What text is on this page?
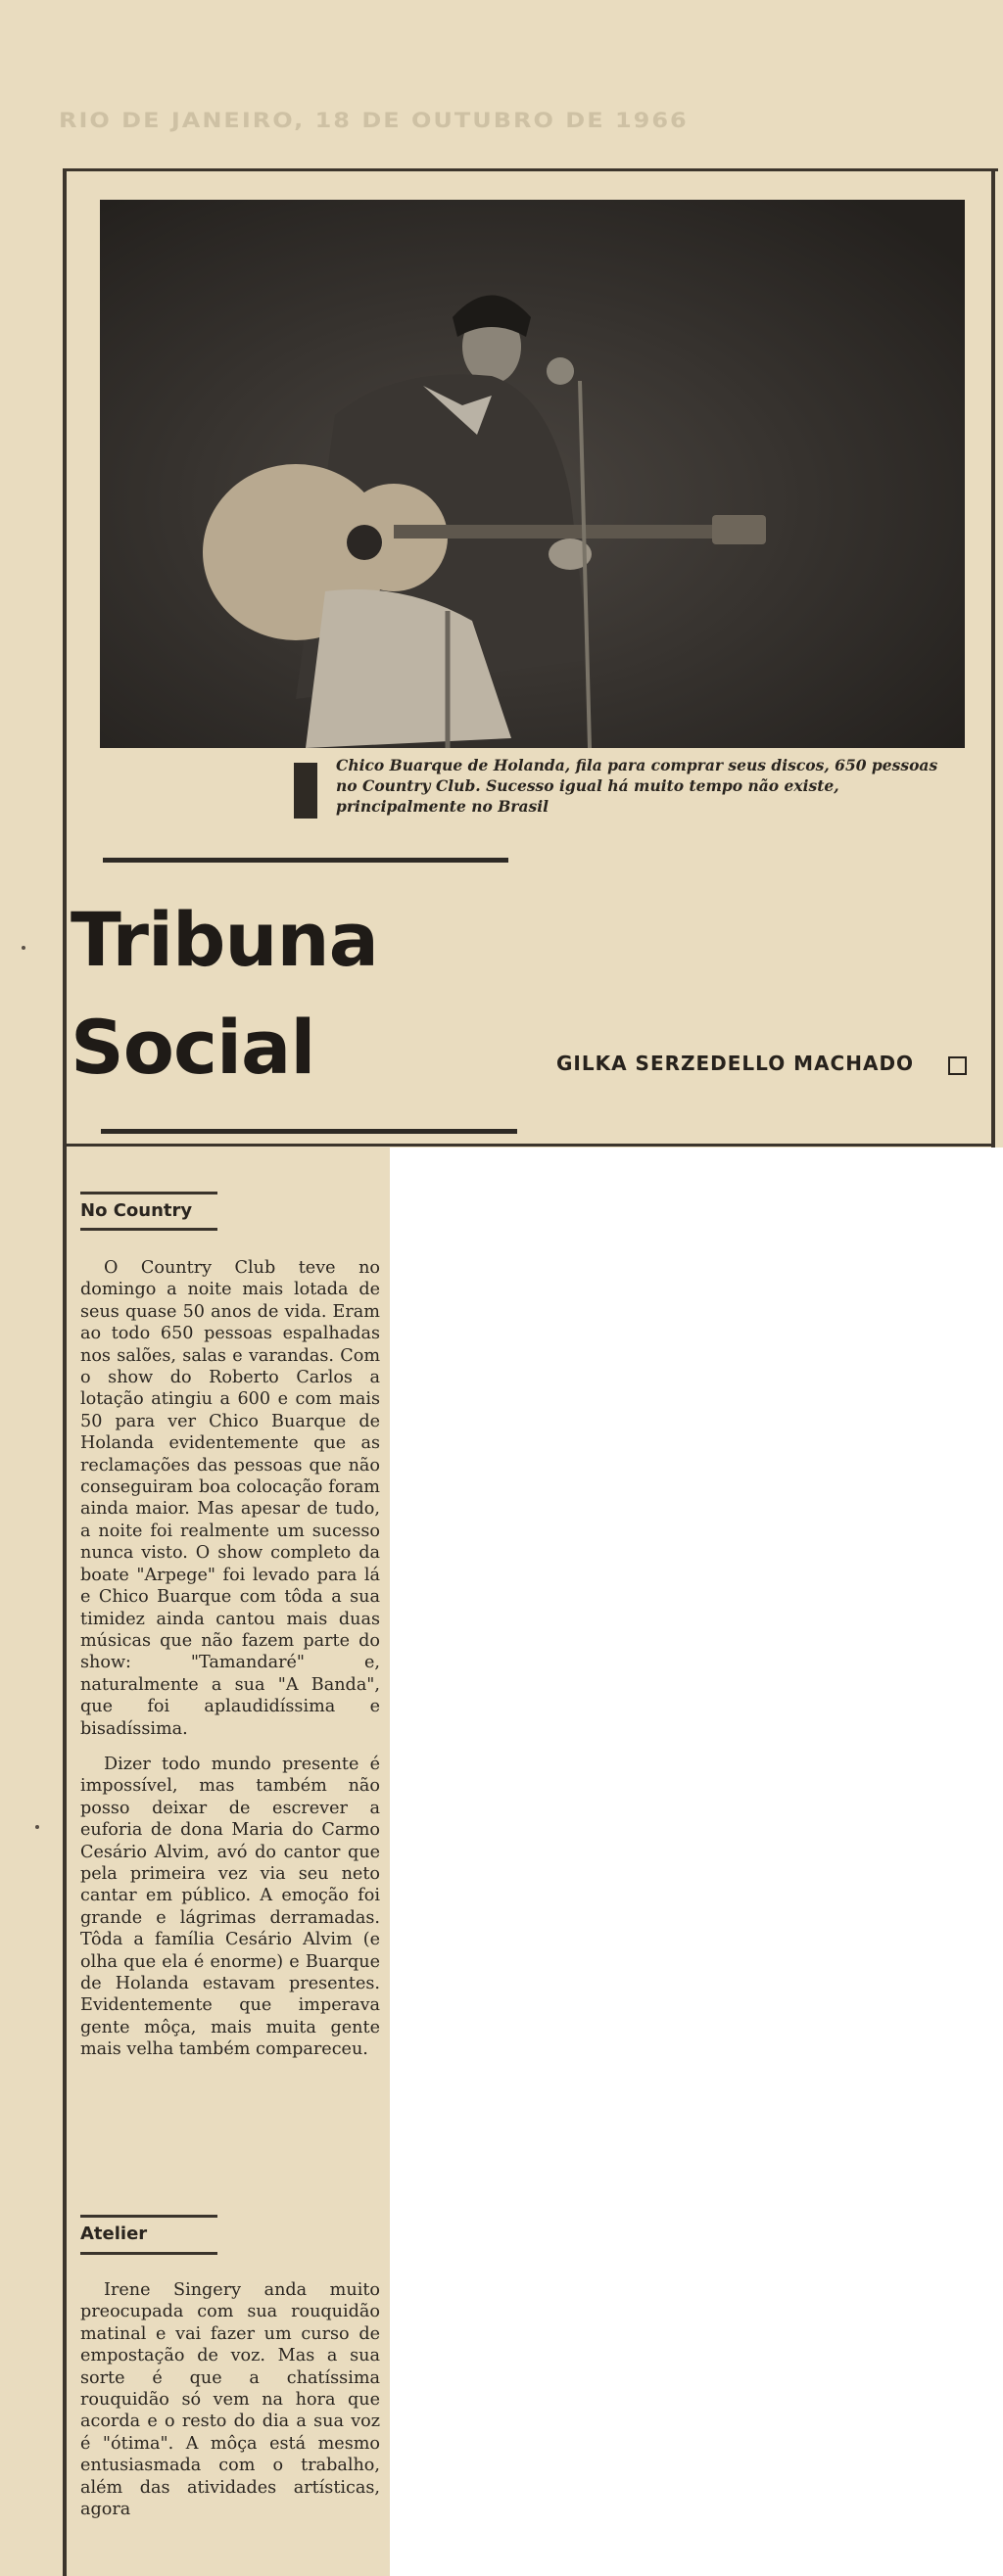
RIO DE JANEIRO, 18 DE OUTUBRO DE 1966
Chico Buarque de Holanda, fila para comprar seus discos, 650 pessoas no Country Club. Sucesso igual há muito tempo não existe, principalmente no Brasil
Tribuna
Social	GILKA SERZEDELLO MACHADO
No Country

O Country Club teve no domingo a noite mais lotada de seus quase 50 anos de vida. Eram ao todo 650 pessoas espalhadas nos salões, salas e varandas. Com o show do Roberto Carlos a lotação atingiu a 600 e com mais 50 para ver Chico Buarque de Holanda evidentemente que as reclamações das pessoas que não conseguiram boa colocação foram ainda maior. Mas apesar de tudo, a noite foi realmente um sucesso nunca visto. O show completo da boate "Arpege" foi levado para lá e Chico Buarque com tôda a sua timidez ainda cantou mais duas músicas que não fazem parte do show: "Tamandaré" e, naturalmente a sua "A Banda", que foi aplaudidíssima e bisadíssima.

Dizer todo mundo presente é impossível, mas também não posso deixar de escrever a euforia de dona Maria do Carmo Cesário Alvim, avó do cantor que pela primeira vez via seu neto cantar em público. A emoção foi grande e lágrimas derramadas. Tôda a família Cesário Alvim (e olha que ela é enorme) e Buarque de Holanda estavam presentes. Evidentemente que imperava gente môça, mais muita gente mais velha também compareceu.

Atelier

Irene Singery anda muito preocupada com sua rouquidão matinal e vai fazer um curso de empostação de voz. Mas a sua sorte é que a chatíssima rouquidão só vem na hora que acorda e o resto do dia a sua voz é "ótima". A môça está mesmo entusiasmada com o trabalho, além das atividades artísticas, agora
